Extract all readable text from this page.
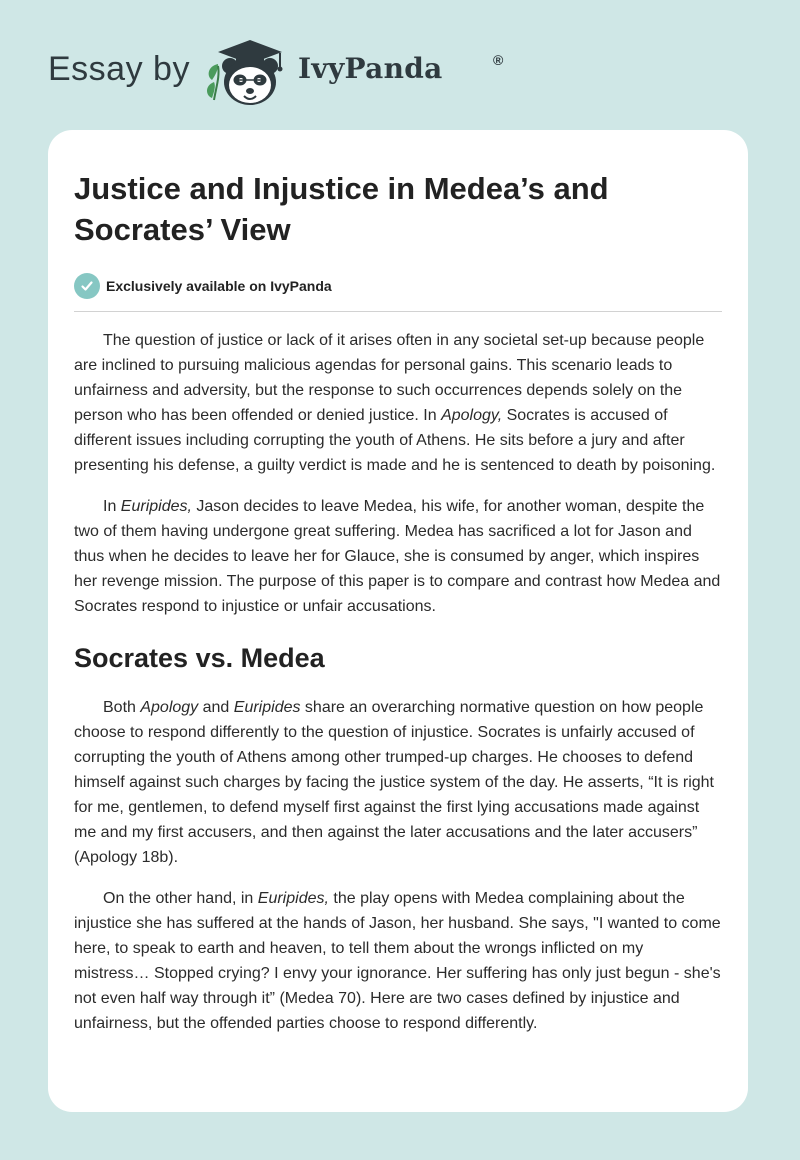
Essay by	IvyPanda	®
Justice and Injustice in Medea’s and Socrates’ View
Exclusively available on IvyPanda

The question of justice or lack of it arises often in any societal set-up because people are inclined to pursuing malicious agendas for personal gains. This scenario leads to unfairness and adversity, but the response to such occurrences depends solely on the person who has been offended or denied justice. In Apology, Socrates is accused of different issues including corrupting the youth of Athens. He sits before a jury and after presenting his defense, a guilty verdict is made and he is sentenced to death by poisoning.

In Euripides, Jason decides to leave Medea, his wife, for another woman, despite the two of them having undergone great suffering. Medea has sacrificed a lot for Jason and thus when he decides to leave her for Glauce, she is consumed by anger, which inspires her revenge mission. The purpose of this paper is to compare and contrast how Medea and Socrates respond to injustice or unfair accusations.

Socrates vs. Medea

Both Apology and Euripides share an overarching normative question on how people choose to respond differently to the question of injustice. Socrates is unfairly accused of corrupting the youth of Athens among other trumped-up charges. He chooses to defend himself against such charges by facing the justice system of the day. He asserts, “It is right for me, gentlemen, to defend myself first against the first lying accusations made against me and my first accusers, and then against the later accusations and the later accusers” (Apology 18b).

On the other hand, in Euripides, the play opens with Medea complaining about the injustice she has suffered at the hands of Jason, her husband. She says, "I wanted to come here, to speak to earth and heaven, to tell them about the wrongs inflicted on my mistress… Stopped crying? I envy your ignorance. Her suffering has only just begun - she's not even half way through it” (Medea 70). Here are two cases defined by injustice and unfairness, but the offended parties choose to respond differently.
